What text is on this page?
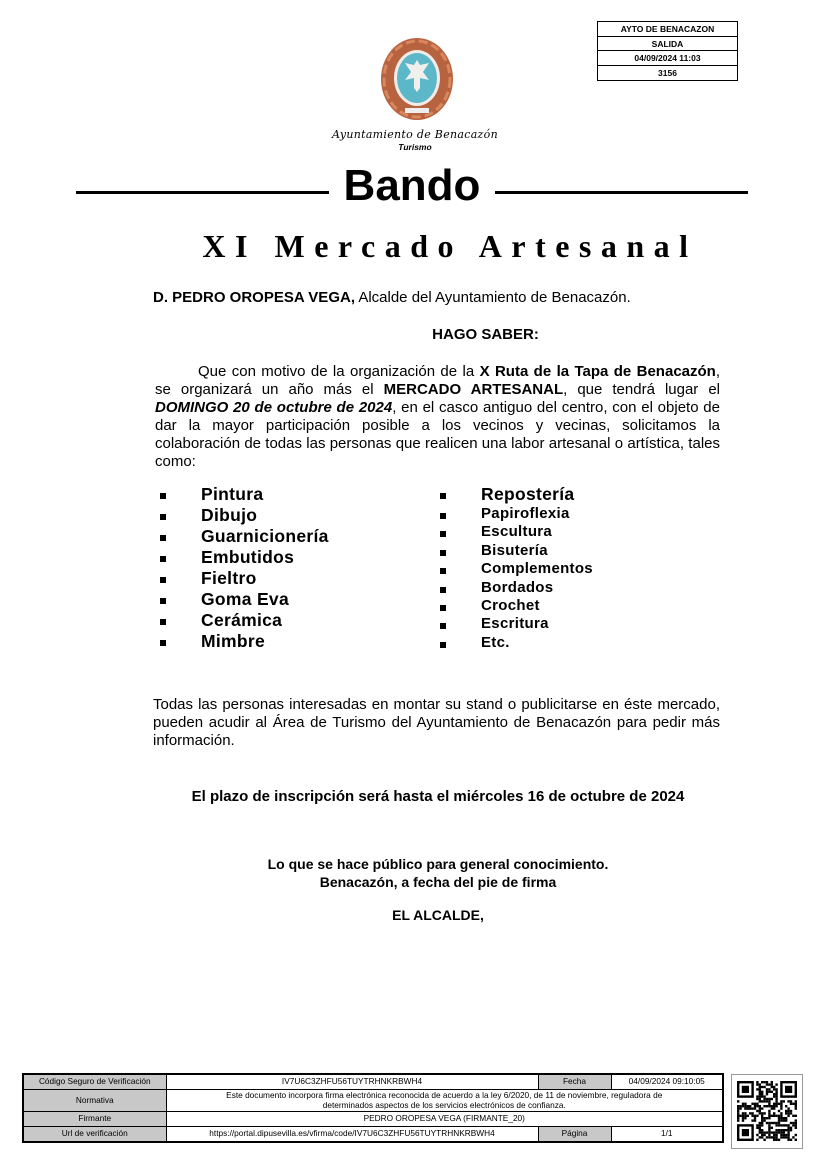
AYTO DE BENACAZON
SALIDA
04/09/2024 11:03
3156
Ayuntamiento de Benacazón
Turismo
Bando
XI Mercado Artesanal
D. PEDRO OROPESA VEGA, Alcalde del Ayuntamiento de Benacazón.
HAGO SABER:
Que con motivo de la organización de la X Ruta de la Tapa de Benacazón, se organizará un año más el MERCADO ARTESANAL, que tendrá lugar el DOMINGO 20 de octubre de 2024, en el casco antiguo del centro, con el objeto de dar la mayor participación posible a los vecinos y vecinas, solicitamos la colaboración de todas las personas que realicen una labor artesanal o artística, tales como:
Pintura
Dibujo
Guarnicionería
Embutidos
Fieltro
Goma Eva
Cerámica
Mimbre
Repostería
Papiroflexia
Escultura
Bisutería
Complementos
Bordados
Crochet
Escritura
Etc.
Todas las personas interesadas en montar su stand o publicitarse en éste mercado, pueden acudir al Área de Turismo del Ayuntamiento de Benacazón para pedir más información.
El plazo de inscripción será hasta el miércoles 16 de octubre de 2024
Lo que se hace público para general conocimiento.
Benacazón, a fecha del pie de firma
EL ALCALDE,
Código Seguro de Verificación	IV7U6C3ZHFU56TUYTRHNKRBWH4	Fecha	04/09/2024 09:10:05
Normativa	Este documento incorpora firma electrónica reconocida de acuerdo a la ley 6/2020, de 11 de noviembre, reguladora de determinados aspectos de los servicios electrónicos de confianza.		
Firmante	PEDRO OROPESA VEGA (FIRMANTE_20)		
Url de verificación	https://portal.dipusevilla.es/vfirma/code/IV7U6C3ZHFU56TUYTRHNKRBWH4	Página	1/1
